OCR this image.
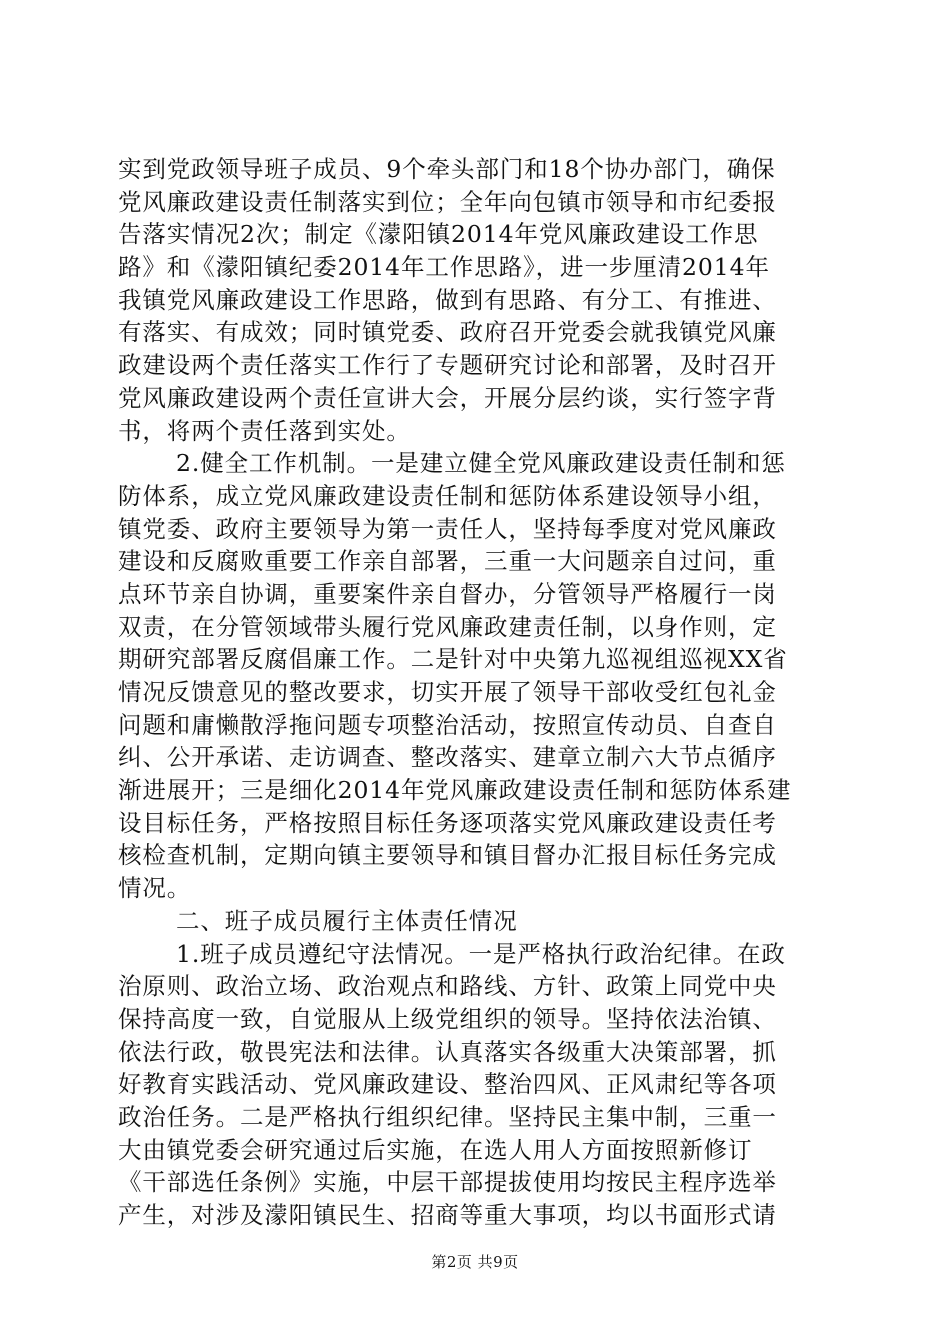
实到党政领导班子成员、9个牵头部门和18个协办部门，确保
党风廉政建设责任制落实到位；全年向包镇市领导和市纪委报
告落实情况2次；制定《濛阳镇2014年党风廉政建设工作思
路》和《濛阳镇纪委2014年工作思路》，进一步厘清2014年
我镇党风廉政建设工作思路，做到有思路、有分工、有推进、
有落实、有成效；同时镇党委、政府召开党委会就我镇党风廉
政建设两个责任落实工作行了专题研究讨论和部署，及时召开
党风廉政建设两个责任宣讲大会，开展分层约谈，实行签字背
书，将两个责任落到实处。
2.健全工作机制。一是建立健全党风廉政建设责任制和惩
防体系，成立党风廉政建设责任制和惩防体系建设领导小组，
镇党委、政府主要领导为第一责任人，坚持每季度对党风廉政
建设和反腐败重要工作亲自部署，三重一大问题亲自过问，重
点环节亲自协调，重要案件亲自督办，分管领导严格履行一岗
双责，在分管领域带头履行党风廉政建责任制，以身作则，定
期研究部署反腐倡廉工作。二是针对中央第九巡视组巡视XX省
情况反馈意见的整改要求，切实开展了领导干部收受红包礼金
问题和庸懒散浮拖问题专项整治活动，按照宣传动员、自查自
纠、公开承诺、走访调查、整改落实、建章立制六大节点循序
渐进展开；三是细化2014年党风廉政建设责任制和惩防体系建
设目标任务，严格按照目标任务逐项落实党风廉政建设责任考
核检查机制，定期向镇主要领导和镇目督办汇报目标任务完成
情况。
二、班子成员履行主体责任情况
1.班子成员遵纪守法情况。一是严格执行政治纪律。在政
治原则、政治立场、政治观点和路线、方针、政策上同党中央
保持高度一致，自觉服从上级党组织的领导。坚持依法治镇、
依法行政，敬畏宪法和法律。认真落实各级重大决策部署，抓
好教育实践活动、党风廉政建设、整治四风、正风肃纪等各项
政治任务。二是严格执行组织纪律。坚持民主集中制，三重一
大由镇党委会研究通过后实施，在选人用人方面按照新修订
《干部选任条例》实施，中层干部提拔使用均按民主程序选举
产生，对涉及濛阳镇民生、招商等重大事项，均以书面形式请
第2页 共9页
